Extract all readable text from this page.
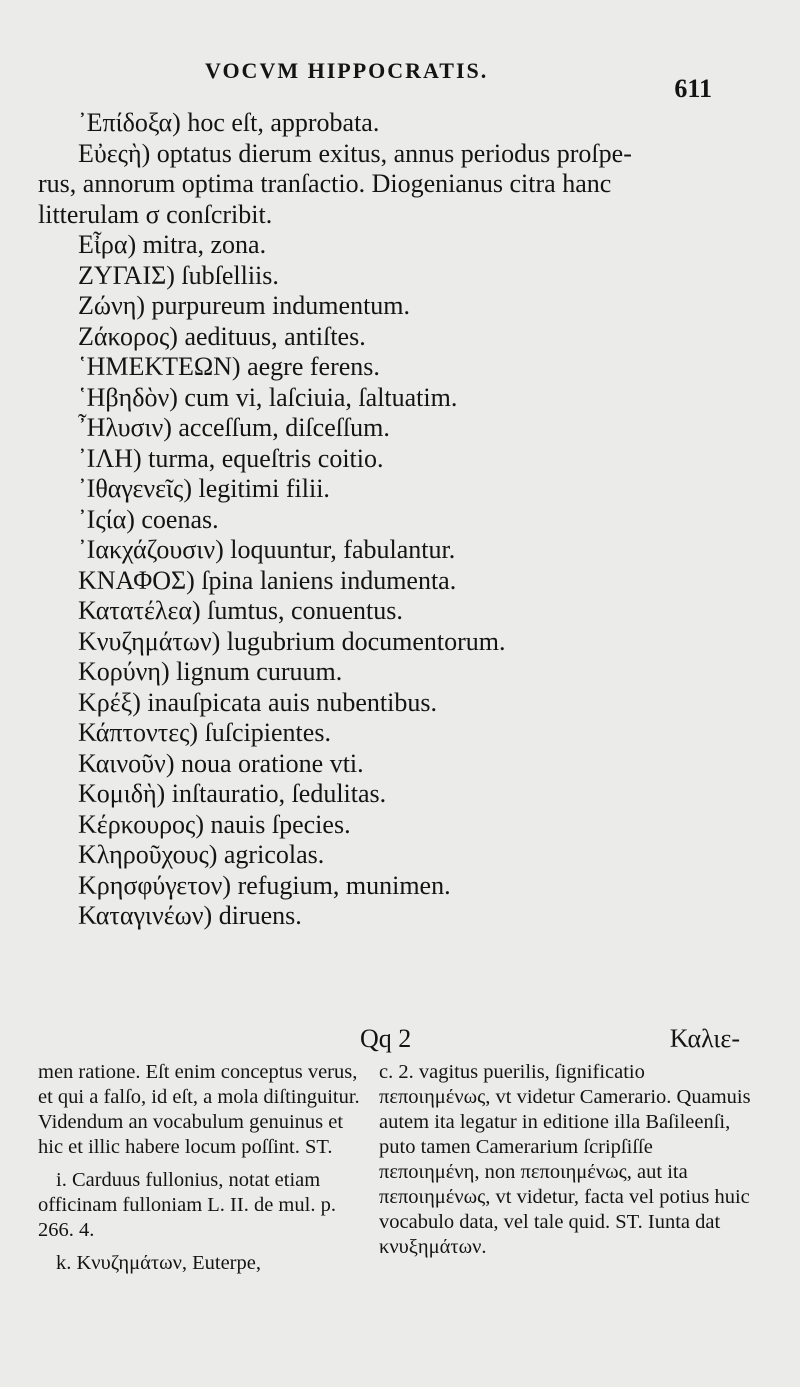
VOCVM HIPPOCRATIS.
611
᾿Επίδοξα) hoc eſt, approbata.
Εὐεςὴ) optatus dierum exitus, annus periodus proſpe-
rus, annorum optima tranſactio. Diogenianus citra hanc
litterulam σ conſcribit.
Εἶρα) mitra, zona.
ΖΥΓΑΙΣ) ſubſelliis.
Ζώνη) purpureum indumentum.
Ζάκορος) aedituus, antiſtes.
῾ΗΜΕΚΤΕΩΝ) aegre ferens.
῾Ηβηδὸν) cum vi, laſciuia, ſaltuatim.
῏Ηλυσιν) acceſſum, diſceſſum.
᾿ΙΛΗ) turma, equeſtris coitio.
᾿Ιθαγενεῖς) legitimi filii.
᾿Ιςία) coenas.
᾿Ιακχάζουσιν) loquuntur, fabulantur.
ΚΝΑΦΟΣ) ſpina laniens indumenta.
Κατατέλεα) ſumtus, conuentus.
Κνυζημάτων) lugubrium documentorum.
Κορύνη) lignum curuum.
Κρέξ) inauſpicata auis nubentibus.
Κάπτοντες) ſuſcipientes.
Καινοῦν) noua oratione vti.
Κομιδὴ) inſtauratio, ſedulitas.
Κέρκουρος) nauis ſpecies.
Κληροῦχους) agricolas.
Κρησφύγετον) refugium, munimen.
Καταγινέων) diruens.
Qq 2	Καλιε-

men ratione. Eſt enim conceptus verus, et qui a falſo, id eſt, a mola diſtinguitur. Videndum an vocabulum genuinus et hic et illic habere locum poſſint. ST.

i. Carduus fullonius, notat etiam officinam fulloniam L. II. de mul. p. 266. 4.

k. Κνυζημάτων, Euterpe,

c. 2. vagitus puerilis, ſignificatio πεποιημένως, vt videtur Camerario. Quamuis autem ita legatur in editione illa Baſileenſi, puto tamen Camerarium ſcripſiſſe πεποιημένη, non πεποιημένως, aut ita πεποιημένως, vt videtur, facta vel potius huic vocabulo data, vel tale quid. ST. Iunta dat κνυξημάτων.
